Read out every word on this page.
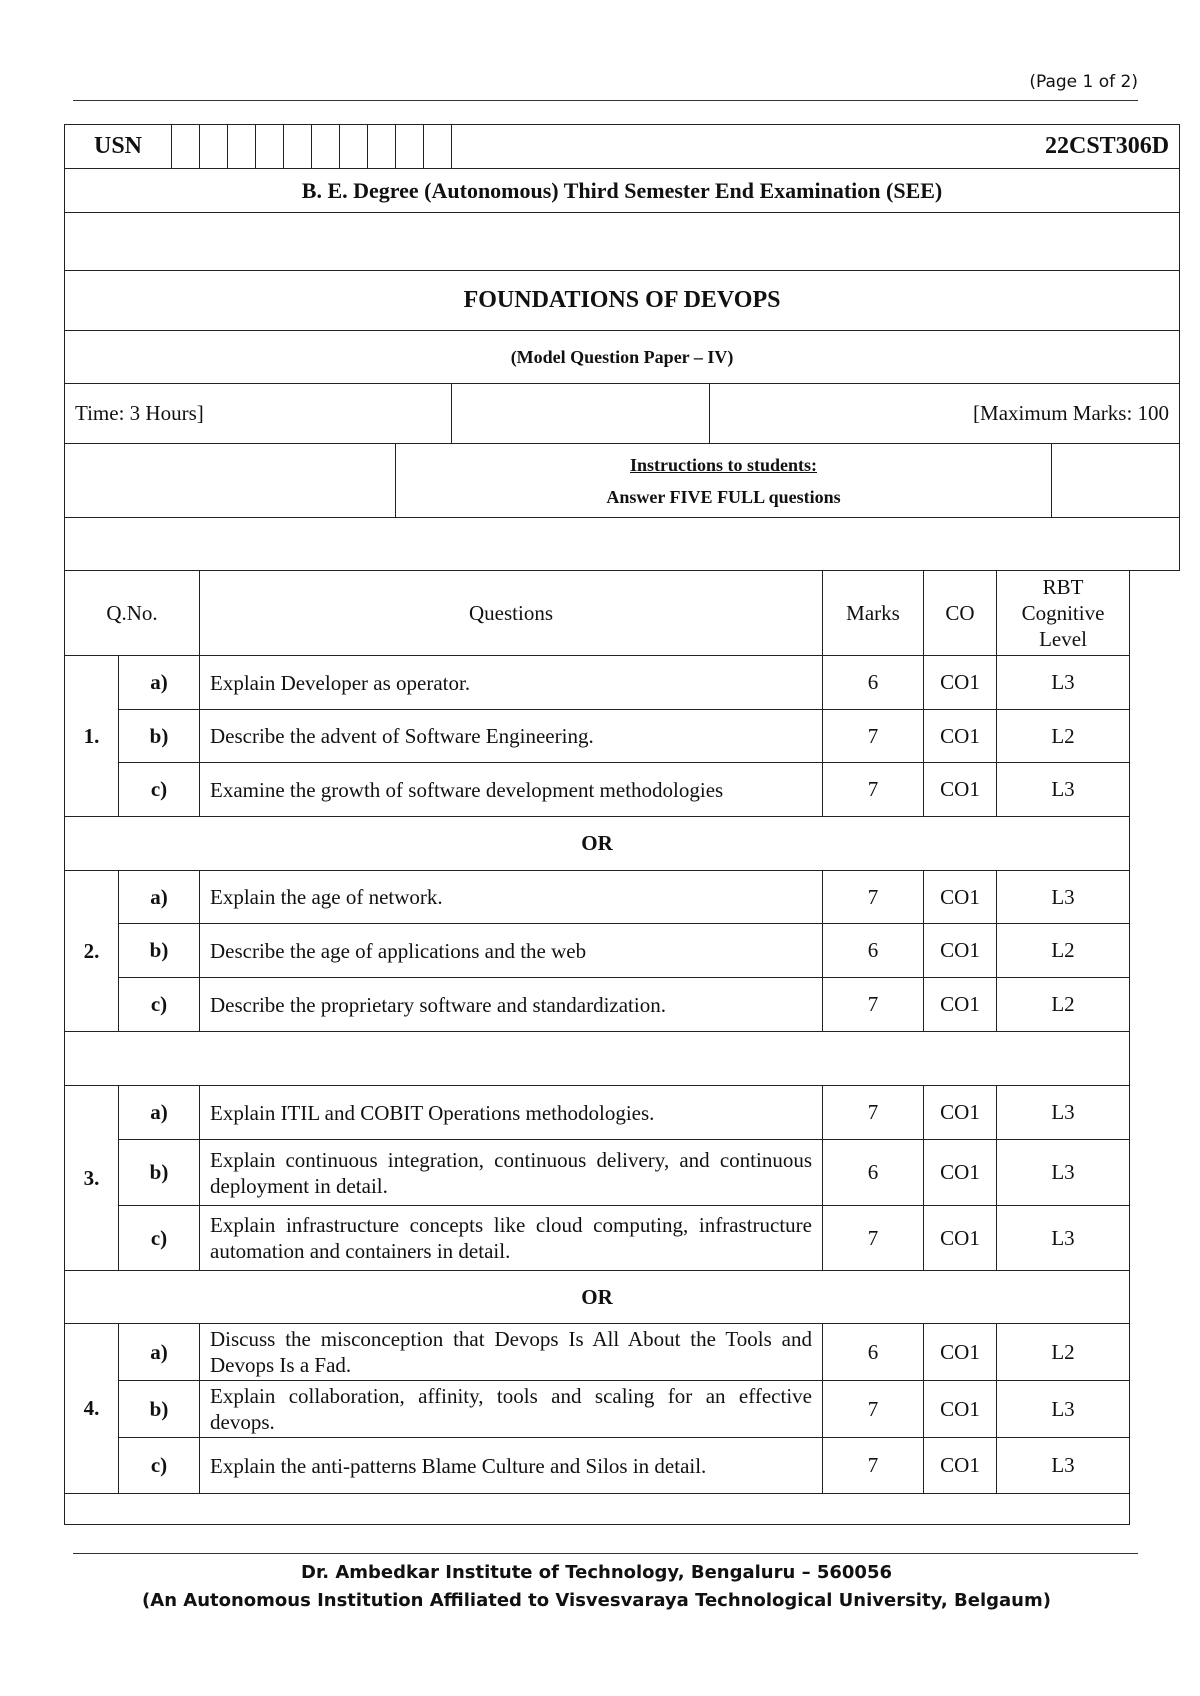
(Page 1 of 2)
USN											22CST306D		
B. E. Degree (Autonomous) Third Semester End Examination (SEE)													

FOUNDATIONS OF DEVOPS													
(Model Question Paper – IV)													
Time: 3 Hours]												[Maximum Marks: 100	

									Instructions to students:
Answer FIVE FULL questions				

Q.No.		Questions	Marks	CO	RBT
Cognitive
Level

1.	a)	Explain Developer as operator.	6	CO1	L3
	b)	Describe the advent of Software Engineering.	7	CO1	L2
	c)	Examine the growth of software development methodologies	7	CO1	L3
OR					
2.	a)	Explain the age of network.	7	CO1	L3
	b)	Describe the age of applications and the web	6	CO1	L2
	c)	Describe the proprietary software and standardization.	7	CO1	L2

3.	a)	Explain ITIL and COBIT Operations methodologies.	7	CO1	L3
	b)	Explain continuous integration, continuous delivery, and continuous deployment in detail.	6	CO1	L3
	c)	Explain infrastructure concepts like cloud computing, infrastructure automation and containers in detail.	7	CO1	L3
OR					
4.	a)	Discuss the misconception that Devops Is All About the Tools and Devops Is a Fad.	6	CO1	L2
	b)	Explain collaboration, affinity, tools and scaling for an effective devops.	7	CO1	L3
	c)	Explain the anti-patterns Blame Culture and Silos in detail.	7	CO1	L3

Dr. Ambedkar Institute of Technology, Bengaluru – 560056
(An Autonomous Institution Affiliated to Visvesvaraya Technological University, Belgaum)
